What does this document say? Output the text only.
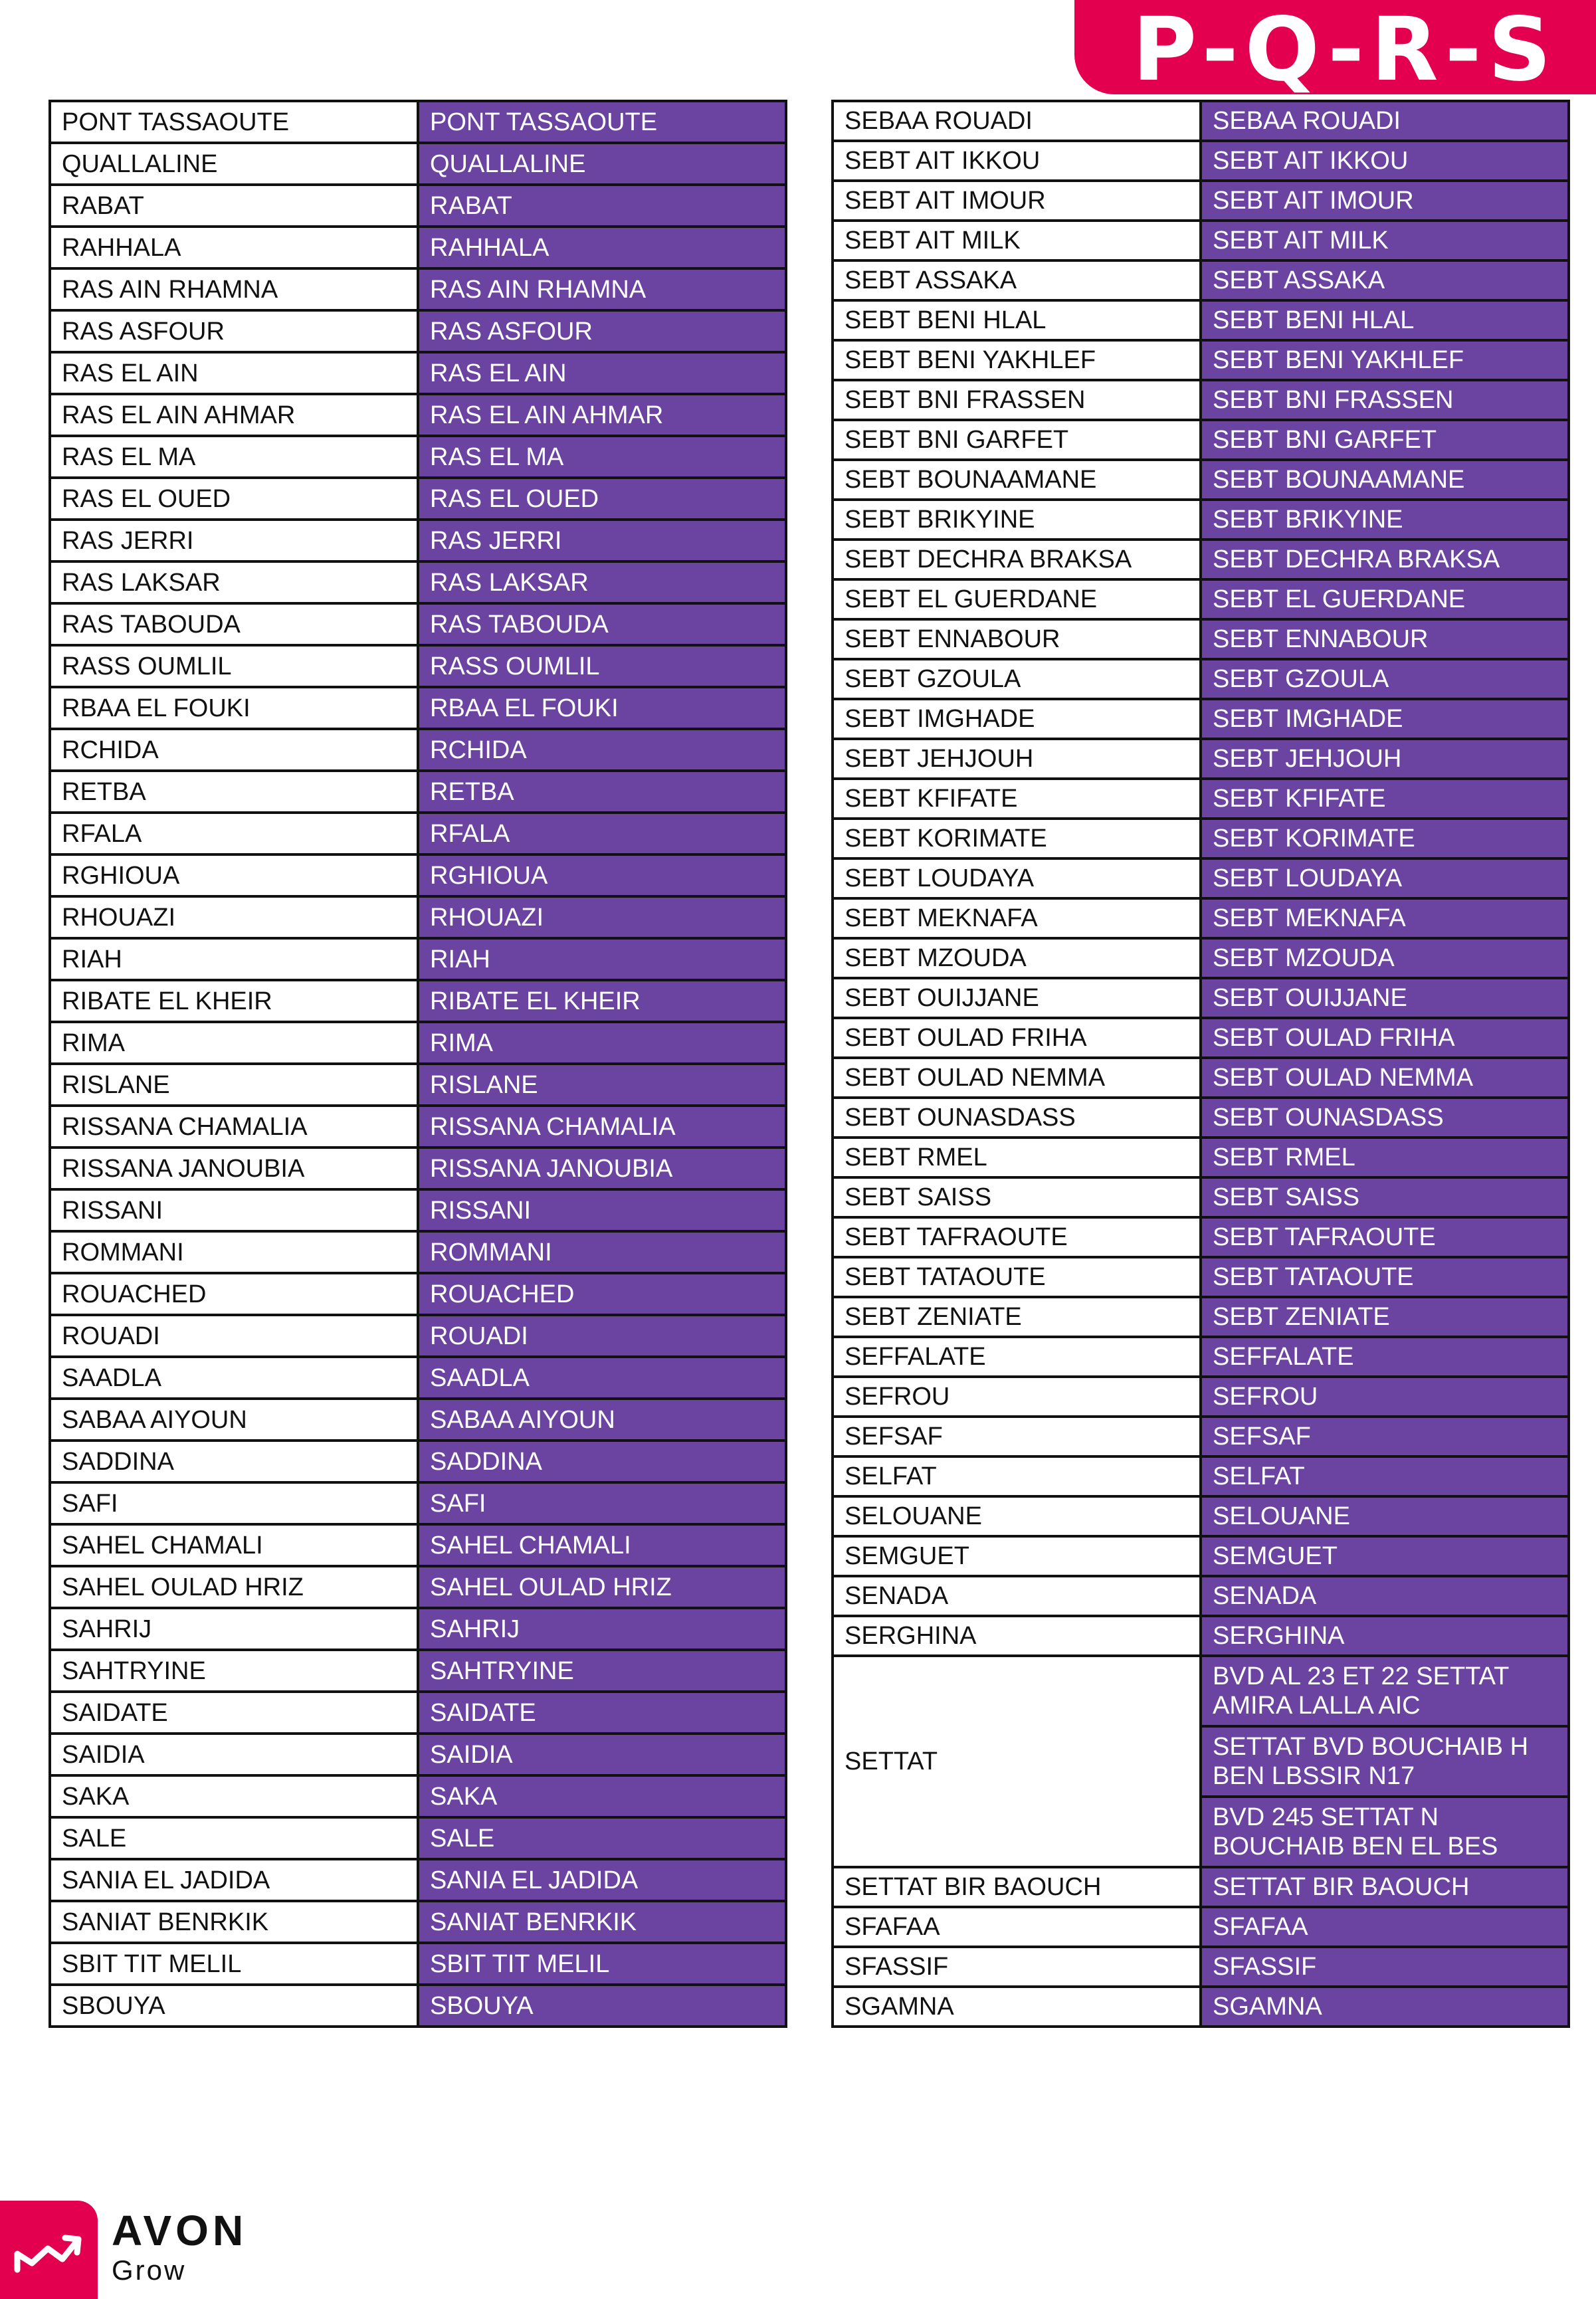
P-Q-R-S
PONT TASSAOUTE	PONT TASSAOUTE
QUALLALINE	QUALLALINE
RABAT	RABAT
RAHHALA	RAHHALA
RAS AIN RHAMNA	RAS AIN RHAMNA
RAS ASFOUR	RAS ASFOUR
RAS EL AIN	RAS EL AIN
RAS EL AIN AHMAR	RAS EL AIN AHMAR
RAS EL MA	RAS EL MA
RAS EL OUED	RAS EL OUED
RAS JERRI	RAS JERRI
RAS LAKSAR	RAS LAKSAR
RAS TABOUDA	RAS TABOUDA
RASS OUMLIL	RASS OUMLIL
RBAA EL FOUKI	RBAA EL FOUKI
RCHIDA	RCHIDA
RETBA	RETBA
RFALA	RFALA
RGHIOUA	RGHIOUA
RHOUAZI	RHOUAZI
RIAH	RIAH
RIBATE EL KHEIR	RIBATE EL KHEIR
RIMA	RIMA
RISLANE	RISLANE
RISSANA CHAMALIA	RISSANA CHAMALIA
RISSANA JANOUBIA	RISSANA JANOUBIA
RISSANI	RISSANI
ROMMANI	ROMMANI
ROUACHED	ROUACHED
ROUADI	ROUADI
SAADLA	SAADLA
SABAA AIYOUN	SABAA AIYOUN
SADDINA	SADDINA
SAFI	SAFI
SAHEL CHAMALI	SAHEL CHAMALI
SAHEL OULAD HRIZ	SAHEL OULAD HRIZ
SAHRIJ	SAHRIJ
SAHTRYINE	SAHTRYINE
SAIDATE	SAIDATE
SAIDIA	SAIDIA
SAKA	SAKA
SALE	SALE
SANIA EL JADIDA	SANIA EL JADIDA
SANIAT BENRKIK	SANIAT BENRKIK
SBIT TIT MELIL	SBIT TIT MELIL
SBOUYA	SBOUYA
SEBAA ROUADI	SEBAA ROUADI
SEBT AIT IKKOU	SEBT AIT IKKOU
SEBT AIT IMOUR	SEBT AIT IMOUR
SEBT AIT MILK	SEBT AIT MILK
SEBT ASSAKA	SEBT ASSAKA
SEBT BENI HLAL	SEBT BENI HLAL
SEBT BENI YAKHLEF	SEBT BENI YAKHLEF
SEBT BNI FRASSEN	SEBT BNI FRASSEN
SEBT BNI GARFET	SEBT BNI GARFET
SEBT BOUNAAMANE	SEBT BOUNAAMANE
SEBT BRIKYINE	SEBT BRIKYINE
SEBT DECHRA BRAKSA	SEBT DECHRA BRAKSA
SEBT EL GUERDANE	SEBT EL GUERDANE
SEBT ENNABOUR	SEBT ENNABOUR
SEBT GZOULA	SEBT GZOULA
SEBT IMGHADE	SEBT IMGHADE
SEBT JEHJOUH	SEBT JEHJOUH
SEBT KFIFATE	SEBT KFIFATE
SEBT KORIMATE	SEBT KORIMATE
SEBT LOUDAYA	SEBT LOUDAYA
SEBT MEKNAFA	SEBT MEKNAFA
SEBT MZOUDA	SEBT MZOUDA
SEBT OUIJJANE	SEBT OUIJJANE
SEBT OULAD FRIHA	SEBT OULAD FRIHA
SEBT OULAD NEMMA	SEBT OULAD NEMMA
SEBT OUNASDASS	SEBT OUNASDASS
SEBT RMEL	SEBT RMEL
SEBT SAISS	SEBT SAISS
SEBT TAFRAOUTE	SEBT TAFRAOUTE
SEBT TATAOUTE	SEBT TATAOUTE
SEBT ZENIATE	SEBT ZENIATE
SEFFALATE	SEFFALATE
SEFROU	SEFROU
SEFSAF	SEFSAF
SELFAT	SELFAT
SELOUANE	SELOUANE
SEMGUET	SEMGUET
SENADA	SENADA
SERGHINA	SERGHINA
SETTAT	BVD AL 23 ET 22 SETTAT AMIRA LALLA AIC
	SETTAT BVD BOUCHAIB H BEN LBSSIR N17
	BVD 245 SETTAT N BOUCHAIB BEN EL BES
SETTAT BIR BAOUCH	SETTAT BIR BAOUCH
SFAFAA	SFAFAA
SFASSIF	SFASSIF
SGAMNA	SGAMNA
AVON
Grow
